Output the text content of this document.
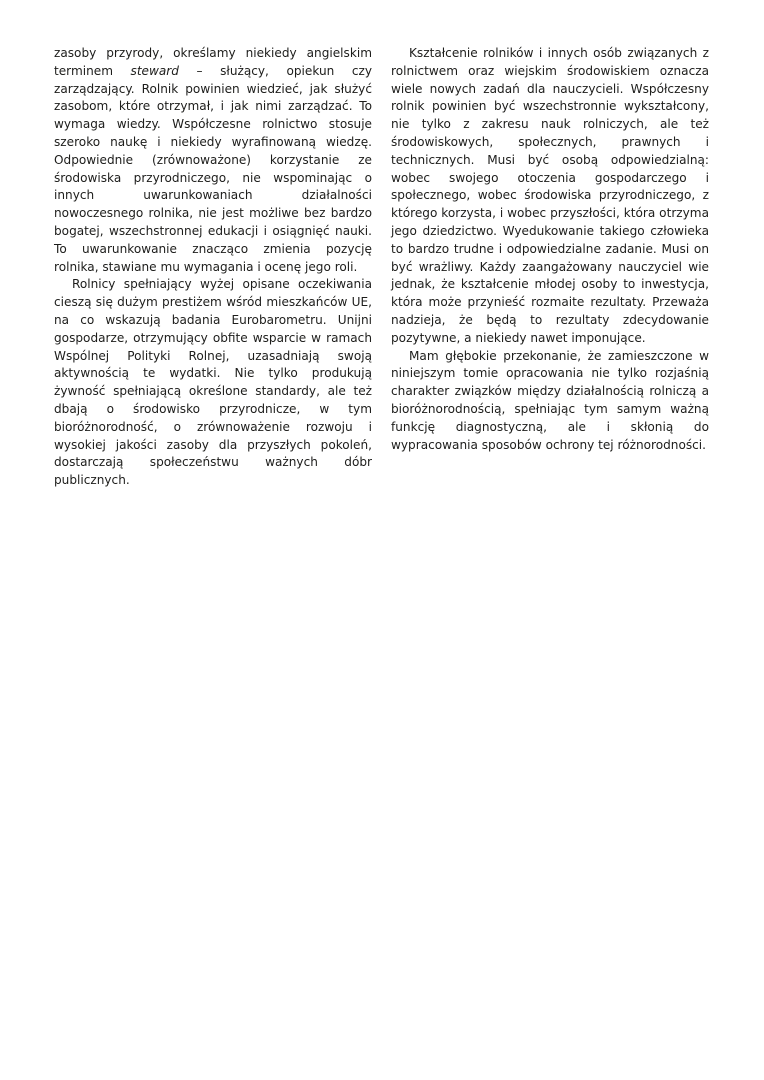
zasoby przyrody, określamy niekiedy angielskim terminem steward – służący, opiekun czy zarządzający. Rolnik powinien wiedzieć, jak służyć zasobom, które otrzymał, i jak nimi zarządzać. To wymaga wiedzy. Współczesne rolnictwo stosuje szeroko naukę i niekiedy wyrafinowaną wiedzę. Odpowiednie (zrównoważone) korzystanie ze środowiska przyrodniczego, nie wspominając o innych uwarunkowaniach działalności nowoczesnego rolnika, nie jest możliwe bez bardzo bogatej, wszechstronnej edukacji i osiągnięć nauki. To uwarunkowanie znacząco zmienia pozycję rolnika, stawiane mu wymagania i ocenę jego roli.

Rolnicy spełniający wyżej opisane oczekiwania cieszą się dużym prestiżem wśród mieszkańców UE, na co wskazują badania Eurobarometru. Unijni gospodarze, otrzymujący obfite wsparcie w ramach Wspólnej Polityki Rolnej, uzasadniają swoją aktywnością te wydatki. Nie tylko produkują żywność spełniającą określone standardy, ale też dbają o środowisko przyrodnicze, w tym bioróżnorodność, o zrównoważenie rozwoju i wysokiej jakości zasoby dla przyszłych pokoleń, dostarczają społeczeństwu ważnych dóbr publicznych.

Kształcenie rolników i innych osób związanych z rolnictwem oraz wiejskim środowiskiem oznacza wiele nowych zadań dla nauczycieli. Współczesny rolnik powinien być wszechstronnie wykształcony, nie tylko z zakresu nauk rolniczych, ale też środowiskowych, społecznych, prawnych i technicznych. Musi być osobą odpowiedzialną: wobec swojego otoczenia gospodarczego i społecznego, wobec środowiska przyrodniczego, z którego korzysta, i wobec przyszłości, która otrzyma jego dziedzictwo. Wyedukowanie takiego człowieka to bardzo trudne i odpowiedzialne zadanie. Musi on być wrażliwy. Każdy zaangażowany nauczyciel wie jednak, że kształcenie młodej osoby to inwestycja, która może przynieść rozmaite rezultaty. Przeważa nadzieja, że będą to rezultaty zdecydowanie pozytywne, a niekiedy nawet imponujące.

Mam głębokie przekonanie, że zamieszczone w niniejszym tomie opracowania nie tylko rozjaśnią charakter związków między działalnością rolniczą a bioróżnorodnością, spełniając tym samym ważną funkcję diagnostyczną, ale i skłonią do wypracowania sposobów ochrony tej różnorodności.
